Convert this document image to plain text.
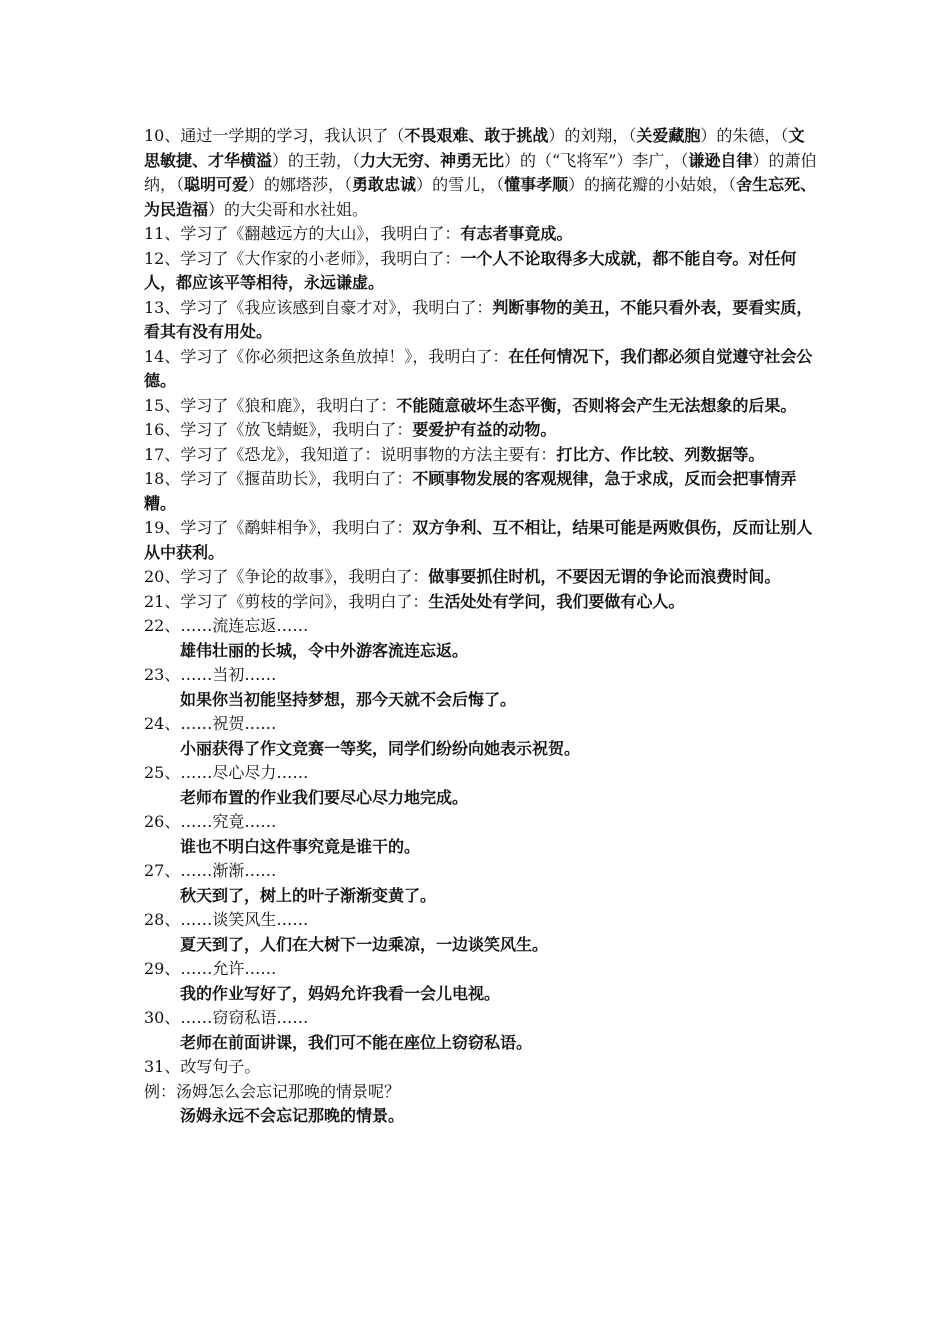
10、通过一学期的学习，我认识了（不畏艰难、敢于挑战）的刘翔，（关爱藏胞）的朱德，（文思敏捷、才华横溢）的王勃，（力大无穷、神勇无比）的（“飞将军”）李广，（谦逊自律）的萧伯纳，（聪明可爱）的娜塔莎，（勇敢忠诚）的雪儿，（懂事孝顺）的摘花瓣的小姑娘，（舍生忘死、为民造福）的大尖哥和水社姐。

11、学习了《翻越远方的大山》，我明白了：有志者事竟成。

12、学习了《大作家的小老师》，我明白了：一个人不论取得多大成就，都不能自夸。对任何人，都应该平等相待，永远谦虚。

13、学习了《我应该感到自豪才对》，我明白了：判断事物的美丑，不能只看外表，要看实质，看其有没有用处。

14、学习了《你必须把这条鱼放掉！》，我明白了：在任何情况下，我们都必须自觉遵守社会公德。

15、学习了《狼和鹿》，我明白了：不能随意破坏生态平衡，否则将会产生无法想象的后果。

16、学习了《放飞蜻蜓》，我明白了：要爱护有益的动物。

17、学习了《恐龙》，我知道了：说明事物的方法主要有：打比方、作比较、列数据等。

18、学习了《揠苗助长》，我明白了：不顾事物发展的客观规律，急于求成，反而会把事情弄糟。

19、学习了《鹬蚌相争》，我明白了：双方争利、互不相让，结果可能是两败俱伤，反而让别人从中获利。

20、学习了《争论的故事》，我明白了：做事要抓住时机，不要因无谓的争论而浪费时间。

21、学习了《剪枝的学问》，我明白了：生活处处有学问，我们要做有心人。

22、……流连忘返……

雄伟壮丽的长城，令中外游客流连忘返。

23、……当初……

如果你当初能坚持梦想，那今天就不会后悔了。

24、……祝贺……

小丽获得了作文竞赛一等奖，同学们纷纷向她表示祝贺。

25、……尽心尽力……

老师布置的作业我们要尽心尽力地完成。

26、……究竟……

谁也不明白这件事究竟是谁干的。

27、……渐渐……

秋天到了，树上的叶子渐渐变黄了。

28、……谈笑风生……

夏天到了，人们在大树下一边乘凉，一边谈笑风生。

29、……允许……

我的作业写好了，妈妈允许我看一会儿电视。

30、……窃窃私语……

老师在前面讲课，我们可不能在座位上窃窃私语。

31、改写句子。

例：汤姆怎么会忘记那晚的情景呢？

汤姆永远不会忘记那晚的情景。
